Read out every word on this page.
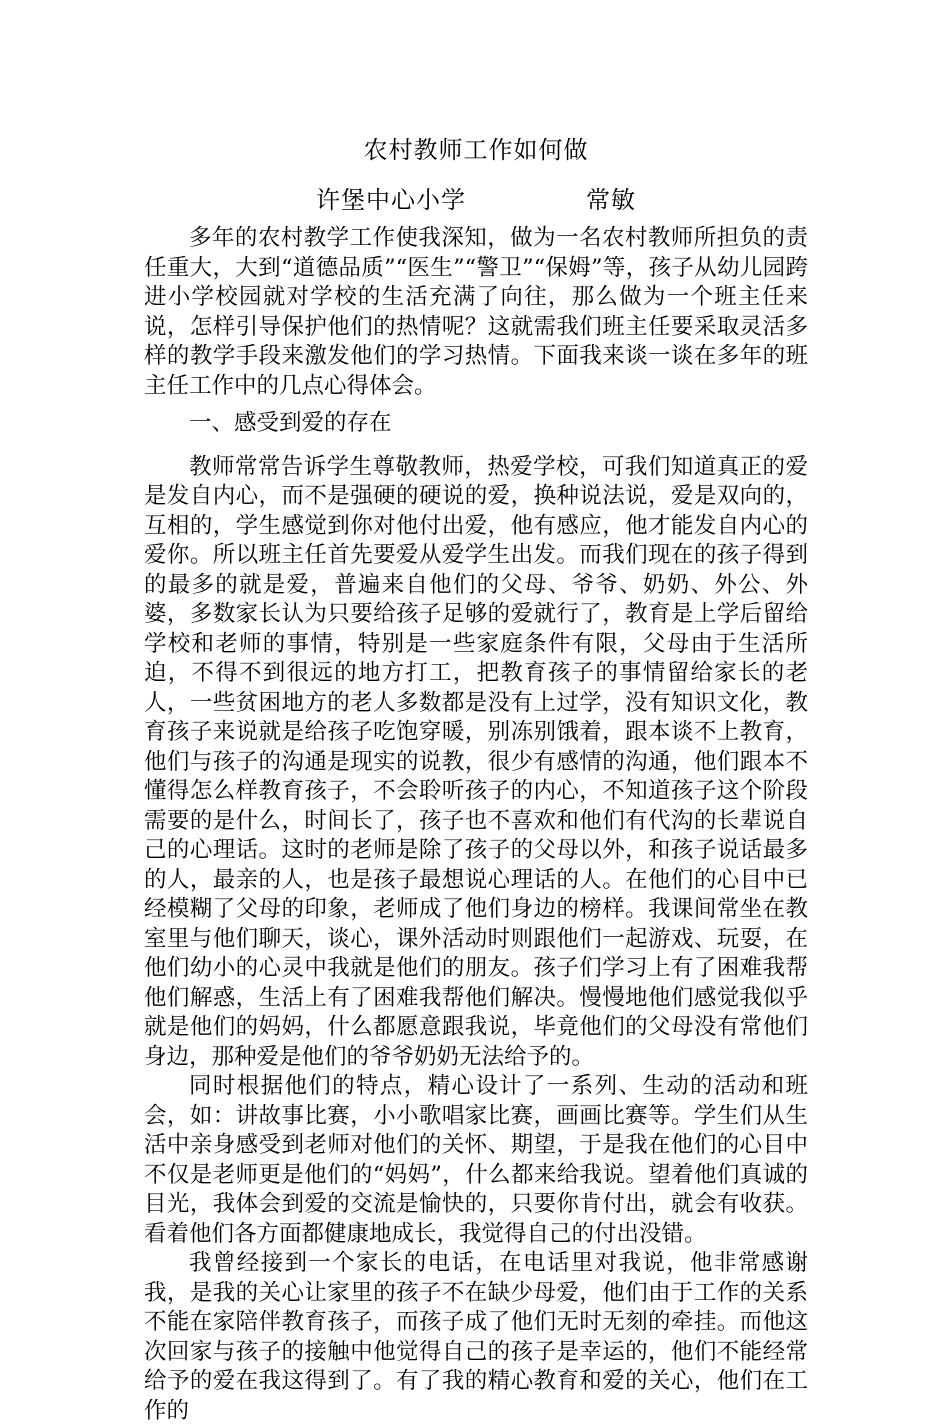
农村教师工作如何做
许堡中心小学	常敏

多年的农村教学工作使我深知，做为一名农村教师所担负的责任重大，大到“道德品质”“医生”“警卫”“保姆”等，孩子从幼儿园跨进小学校园就对学校的生活充满了向往，那么做为一个班主任来说，怎样引导保护他们的热情呢？这就需我们班主任要采取灵活多样的教学手段来激发他们的学习热情。下面我来谈一谈在多年的班主任工作中的几点心得体会。

一、感受到爱的存在

教师常常告诉学生尊敬教师，热爱学校，可我们知道真正的爱是发自内心，而不是强硬的硬说的爱，换种说法说，爱是双向的，互相的，学生感觉到你对他付出爱，他有感应，他才能发自内心的爱你。所以班主任首先要爱从爱学生出发。而我们现在的孩子得到的最多的就是爱，普遍来自他们的父母、爷爷、奶奶、外公、外婆，多数家长认为只要给孩子足够的爱就行了，教育是上学后留给学校和老师的事情，特别是一些家庭条件有限，父母由于生活所迫，不得不到很远的地方打工，把教育孩子的事情留给家长的老人，一些贫困地方的老人多数都是没有上过学，没有知识文化，教育孩子来说就是给孩子吃饱穿暖，别冻别饿着，跟本谈不上教育，他们与孩子的沟通是现实的说教，很少有感情的沟通，他们跟本不懂得怎么样教育孩子，不会聆听孩子的内心，不知道孩子这个阶段需要的是什么，时间长了，孩子也不喜欢和他们有代沟的长辈说自己的心理话。这时的老师是除了孩子的父母以外，和孩子说话最多的人，最亲的人，也是孩子最想说心理话的人。在他们的心目中已经模糊了父母的印象，老师成了他们身边的榜样。我课间常坐在教室里与他们聊天，谈心，课外活动时则跟他们一起游戏、玩耍，在他们幼小的心灵中我就是他们的朋友。孩子们学习上有了困难我帮他们解惑，生活上有了困难我帮他们解决。慢慢地他们感觉我似乎就是他们的妈妈，什么都愿意跟我说，毕竟他们的父母没有常他们身边，那种爱是他们的爷爷奶奶无法给予的。

同时根据他们的特点，精心设计了一系列、生动的活动和班会，如：讲故事比赛，小小歌唱家比赛，画画比赛等。学生们从生活中亲身感受到老师对他们的关怀、期望，于是我在他们的心目中不仅是老师更是他们的“妈妈”，什么都来给我说。望着他们真诚的目光，我体会到爱的交流是愉快的，只要你肯付出，就会有收获。看着他们各方面都健康地成长，我觉得自己的付出没错。

我曾经接到一个家长的电话，在电话里对我说，他非常感谢我，是我的关心让家里的孩子不在缺少母爱，他们由于工作的关系不能在家陪伴教育孩子，而孩子成了他们无时无刻的牵挂。而他这次回家与孩子的接触中他觉得自己的孩子是幸运的，他们不能经常给予的爱在我这得到了。有了我的精心教育和爱的关心，他们在工作的
